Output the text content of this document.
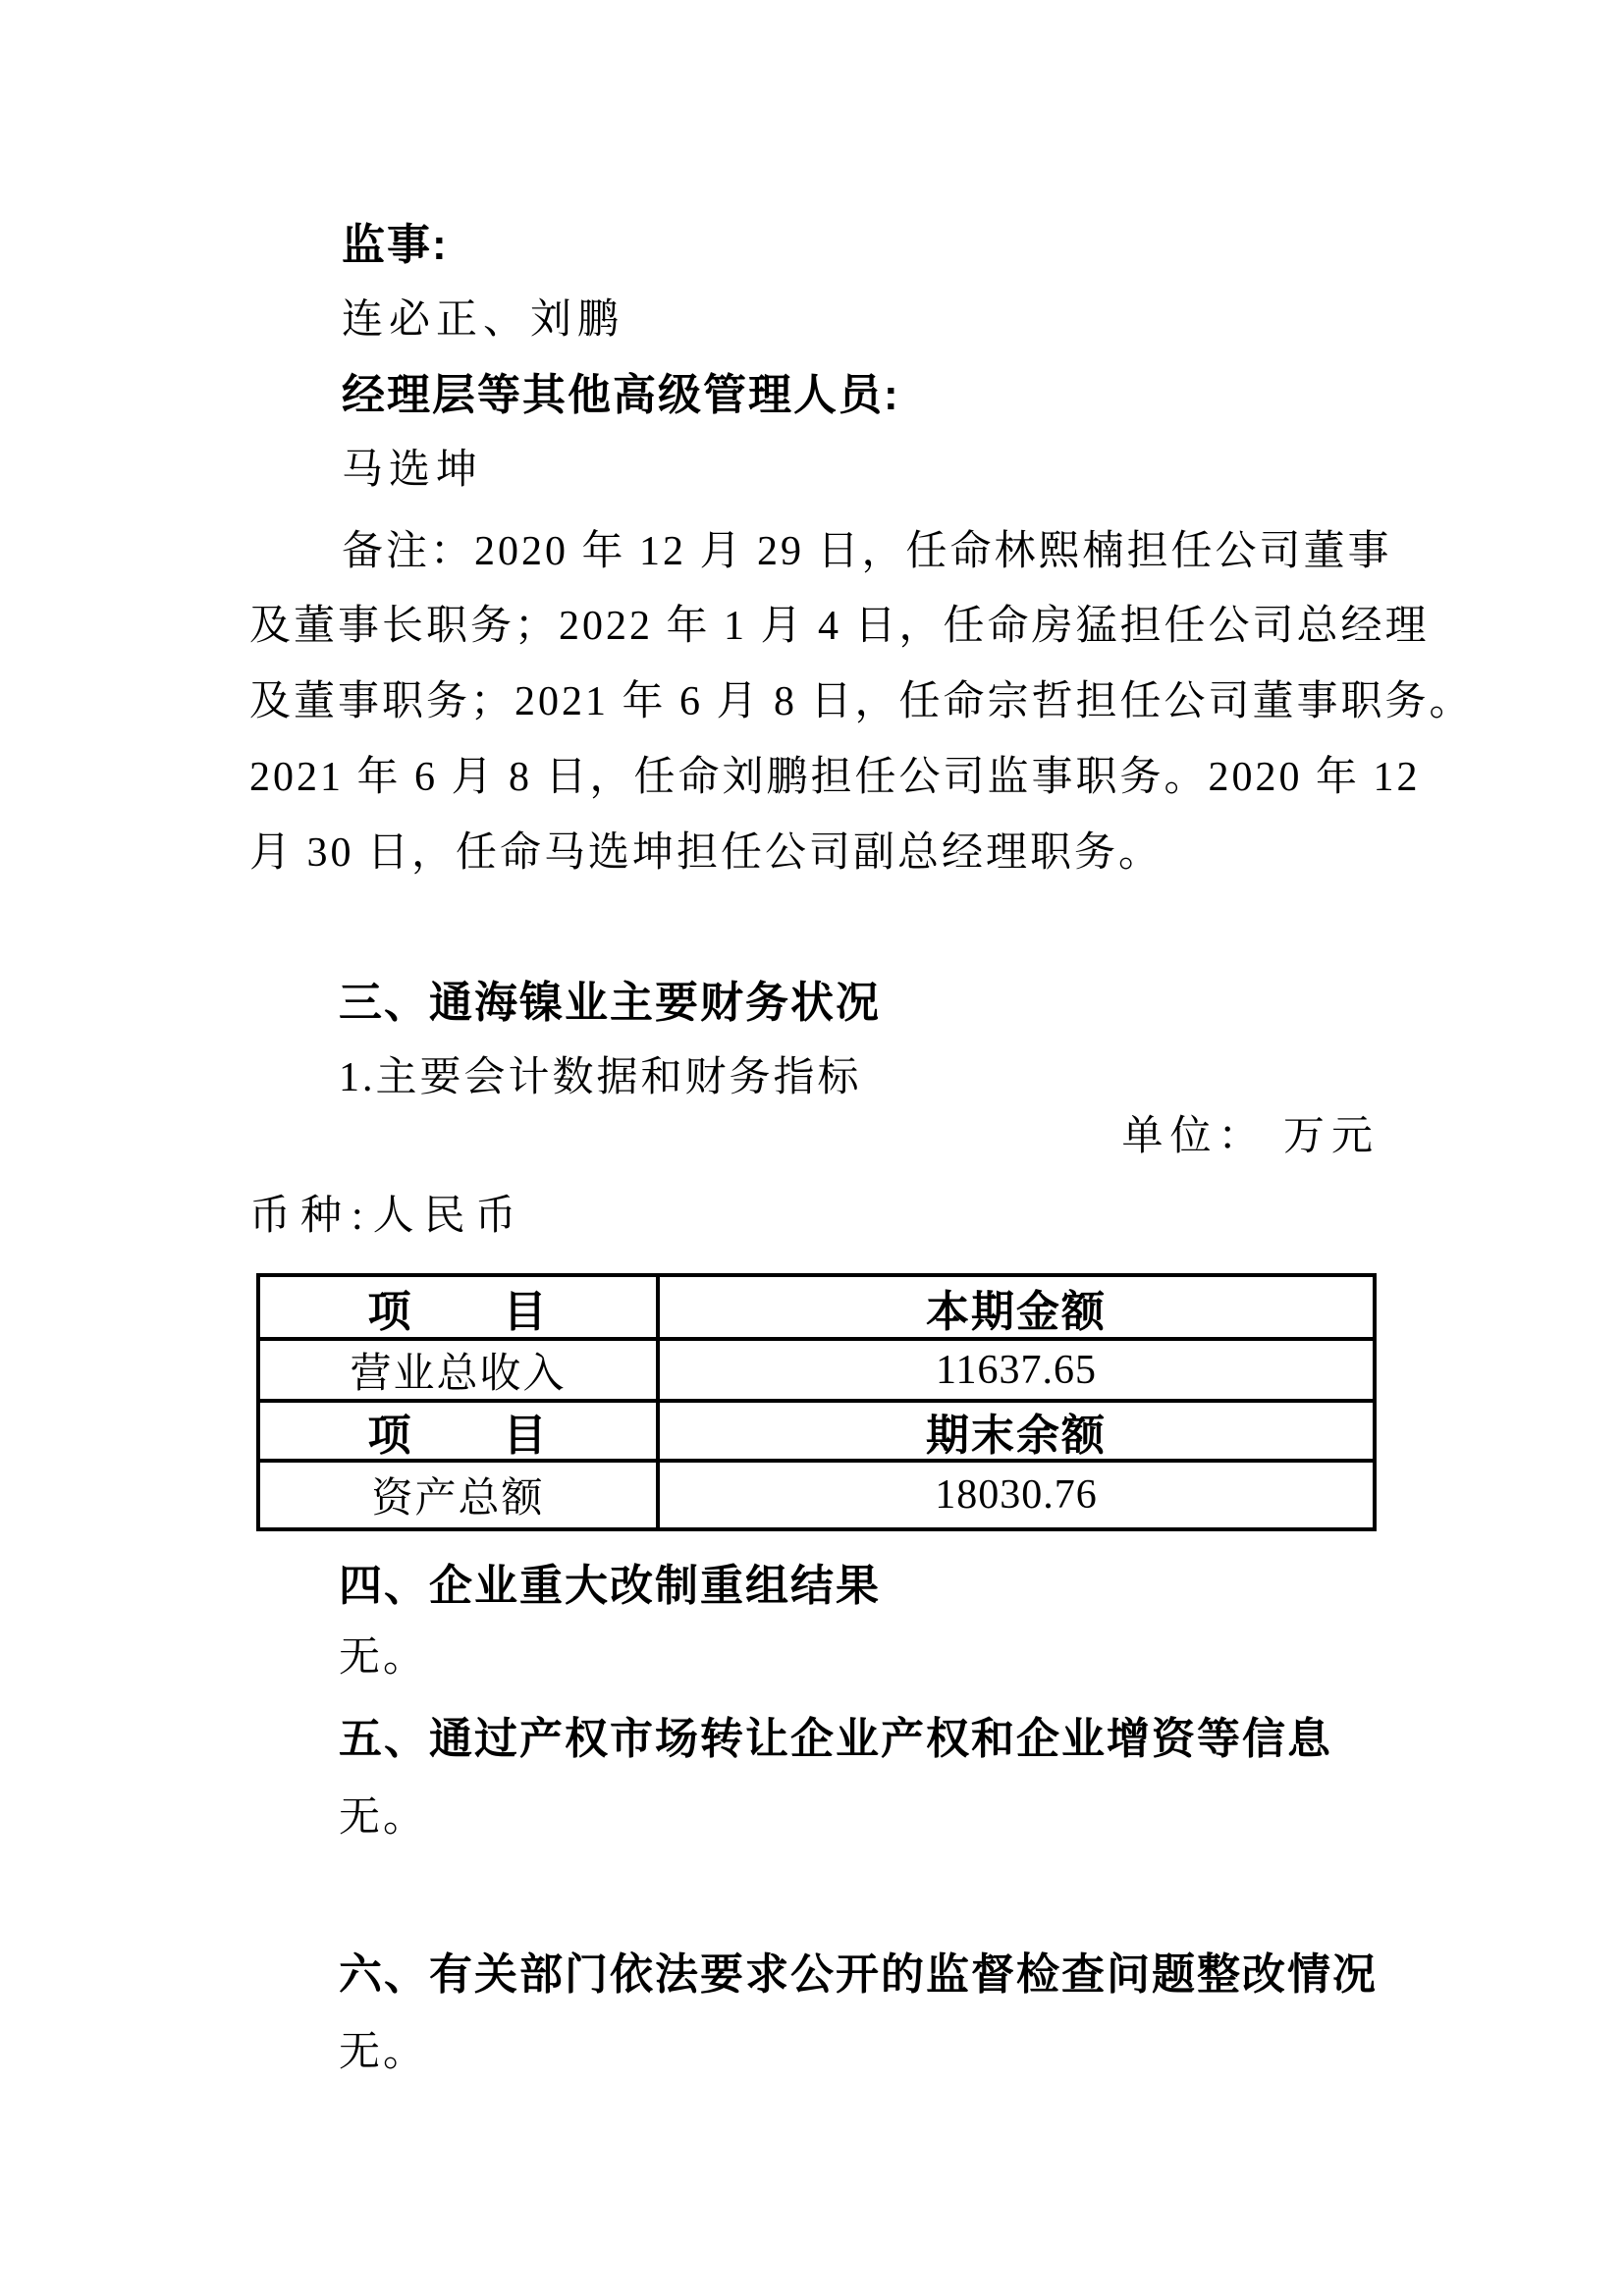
监事:
连必正、刘鹏
经理层等其他高级管理人员:
马选坤
备注：2020 年 12 月 29 日，任命林熙楠担任公司董事
及董事长职务；2022 年 1 月 4 日，任命房猛担任公司总经理
及董事职务；2021 年 6 月 8 日，任命宗哲担任公司董事职务。
2021 年 6 月 8 日，任命刘鹏担任公司监事职务。2020 年 12
月 30 日，任命马选坤担任公司副总经理职务。
三、通海镍业主要财务状况
1.主要会计数据和财务指标
单位： 万元
币种:人民币
项　　目	本期金额
营业总收入	11637.65
项　　目	期末余额
资产总额	18030.76
四、企业重大改制重组结果
无。
五、通过产权市场转让企业产权和企业增资等信息
无。
六、有关部门依法要求公开的监督检查问题整改情况
无。
